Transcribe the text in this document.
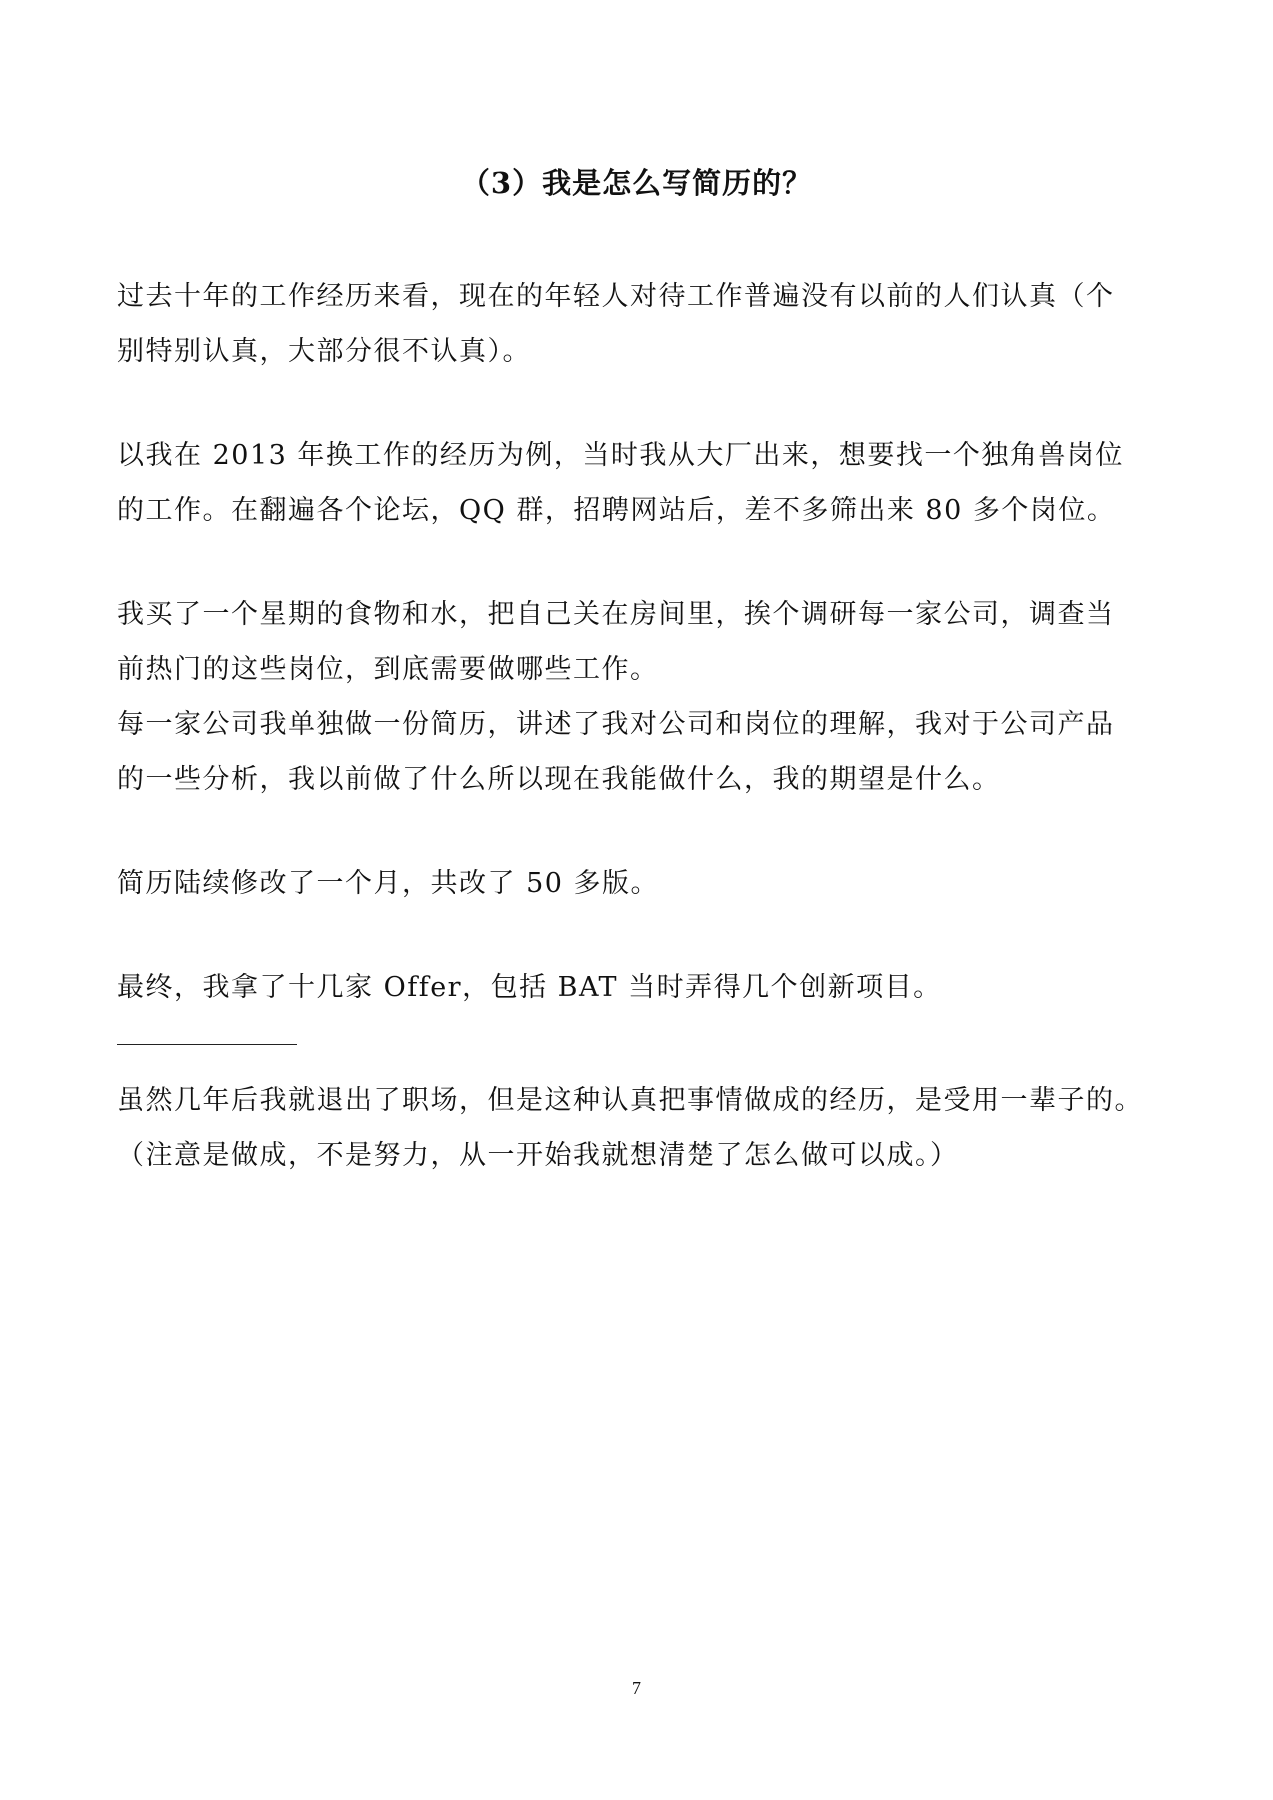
（3）我是怎么写简历的？

过去十年的工作经历来看，现在的年轻人对待工作普遍没有以前的人们认真（个
别特别认真，大部分很不认真）。

以我在 2013 年换工作的经历为例，当时我从大厂出来，想要找一个独角兽岗位
的工作。在翻遍各个论坛，QQ 群，招聘网站后，差不多筛出来 80 多个岗位。

我买了一个星期的食物和水，把自己关在房间里，挨个调研每一家公司，调查当
前热门的这些岗位，到底需要做哪些工作。
每一家公司我单独做一份简历，讲述了我对公司和岗位的理解，我对于公司产品
的一些分析，我以前做了什么所以现在我能做什么，我的期望是什么。

简历陆续修改了一个月，共改了 50 多版。

最终，我拿了十几家 Offer，包括 BAT 当时弄得几个创新项目。

虽然几年后我就退出了职场，但是这种认真把事情做成的经历，是受用一辈子的。
（注意是做成，不是努力，从一开始我就想清楚了怎么做可以成。）

7
